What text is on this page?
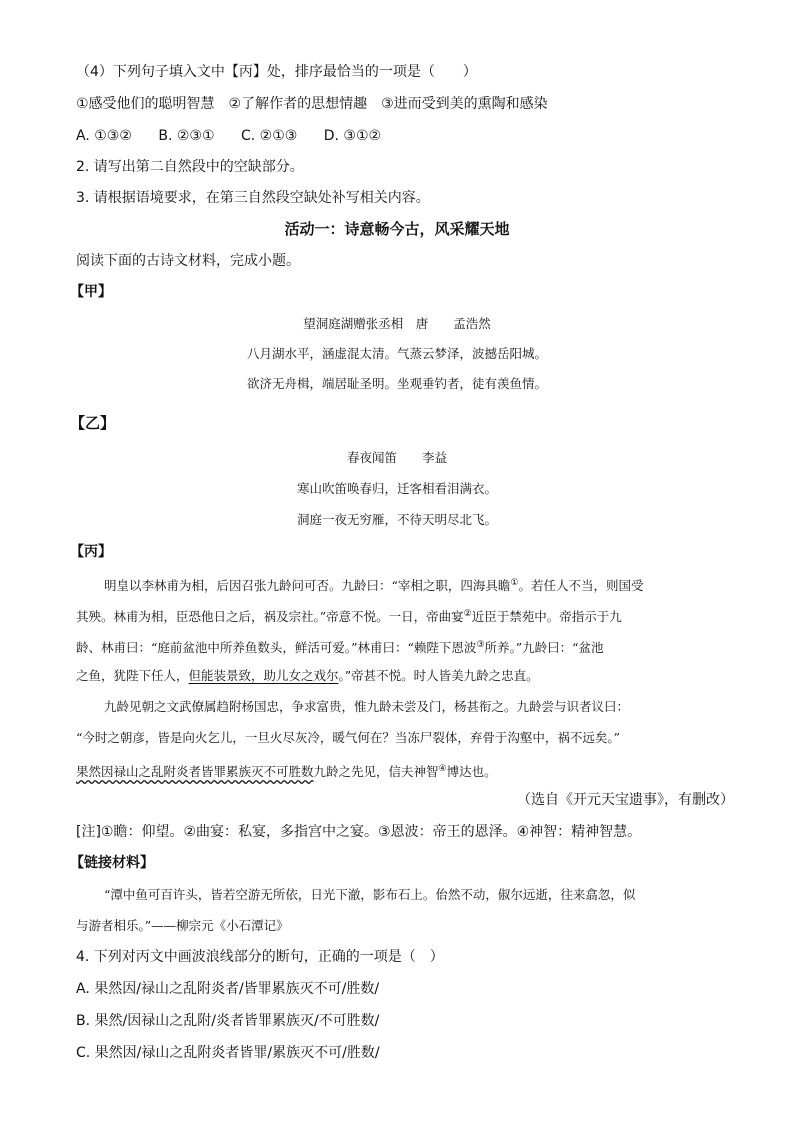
（4）下列句子填入文中【丙】处，排序最恰当的一项是（　　）
①感受他们的聪明智慧　②了解作者的思想情趣　③进而受到美的熏陶和感染
A. ①③② B. ②③① C. ②①③ D. ③①②
2. 请写出第二自然段中的空缺部分。
3. 请根据语境要求，在第三自然段空缺处补写相关内容。
活动一：诗意畅今古，风采耀天地
阅读下面的古诗文材料，完成小题。
【甲】
望洞庭湖赠张丞相　唐　　孟浩然
八月湖水平，涵虚混太清。气蒸云梦泽，波撼岳阳城。
欲济无舟楫，端居耻圣明。坐观垂钓者，徒有羡鱼情。
【乙】
春夜闻笛　　李益
寒山吹笛唤春归，迁客相看泪满衣。
洞庭一夜无穷雁，不待天明尽北飞。
【丙】
明皇以李林甫为相，后因召张九龄问可否。九龄曰：“宰相之职，四海具瞻①。若任人不当，则国受
其殃。林甫为相，臣恐他日之后，祸及宗社。”帝意不悦。一日，帝曲宴②近臣于禁苑中。帝指示于九
龄、林甫曰：“庭前盆池中所养鱼数头，鲜活可爱。”林甫曰：“赖陛下恩波③所养。”九龄曰：“盆池
之鱼，犹陛下任人，但能装景致，助儿女之戏尔。”帝甚不悦。时人皆美九龄之忠直。
九龄见朝之文武僚属趋附杨国忠，争求富贵，惟九龄未尝及门，杨甚衔之。九龄尝与识者议曰：
“今时之朝彦，皆是向火乞儿，一旦火尽灰冷，暖气何在？当冻尸裂体，弃骨于沟壑中，祸不远矣。”
果然因禄山之乱附炎者皆罪累族灭不可胜数九龄之先见，信夫神智④博达也。
（选自《开元天宝遗事》，有删改）
[注]①瞻：仰望。②曲宴：私宴，多指宫中之宴。③恩波：帝王的恩泽。④神智：精神智慧。
【链接材料】
“潭中鱼可百许头，皆若空游无所依，日光下澈，影布石上。佁然不动，俶尔远逝，往来翕忽，似
与游者相乐。”——柳宗元《小石潭记》
4. 下列对丙文中画波浪线部分的断句，正确的一项是（　）
A. 果然因/禄山之乱附炎者/皆罪累族灭不可/胜数/
B. 果然/因禄山之乱附/炎者皆罪累族灭/不可胜数/
C. 果然因/禄山之乱附炎者皆罪/累族灭不可/胜数/
